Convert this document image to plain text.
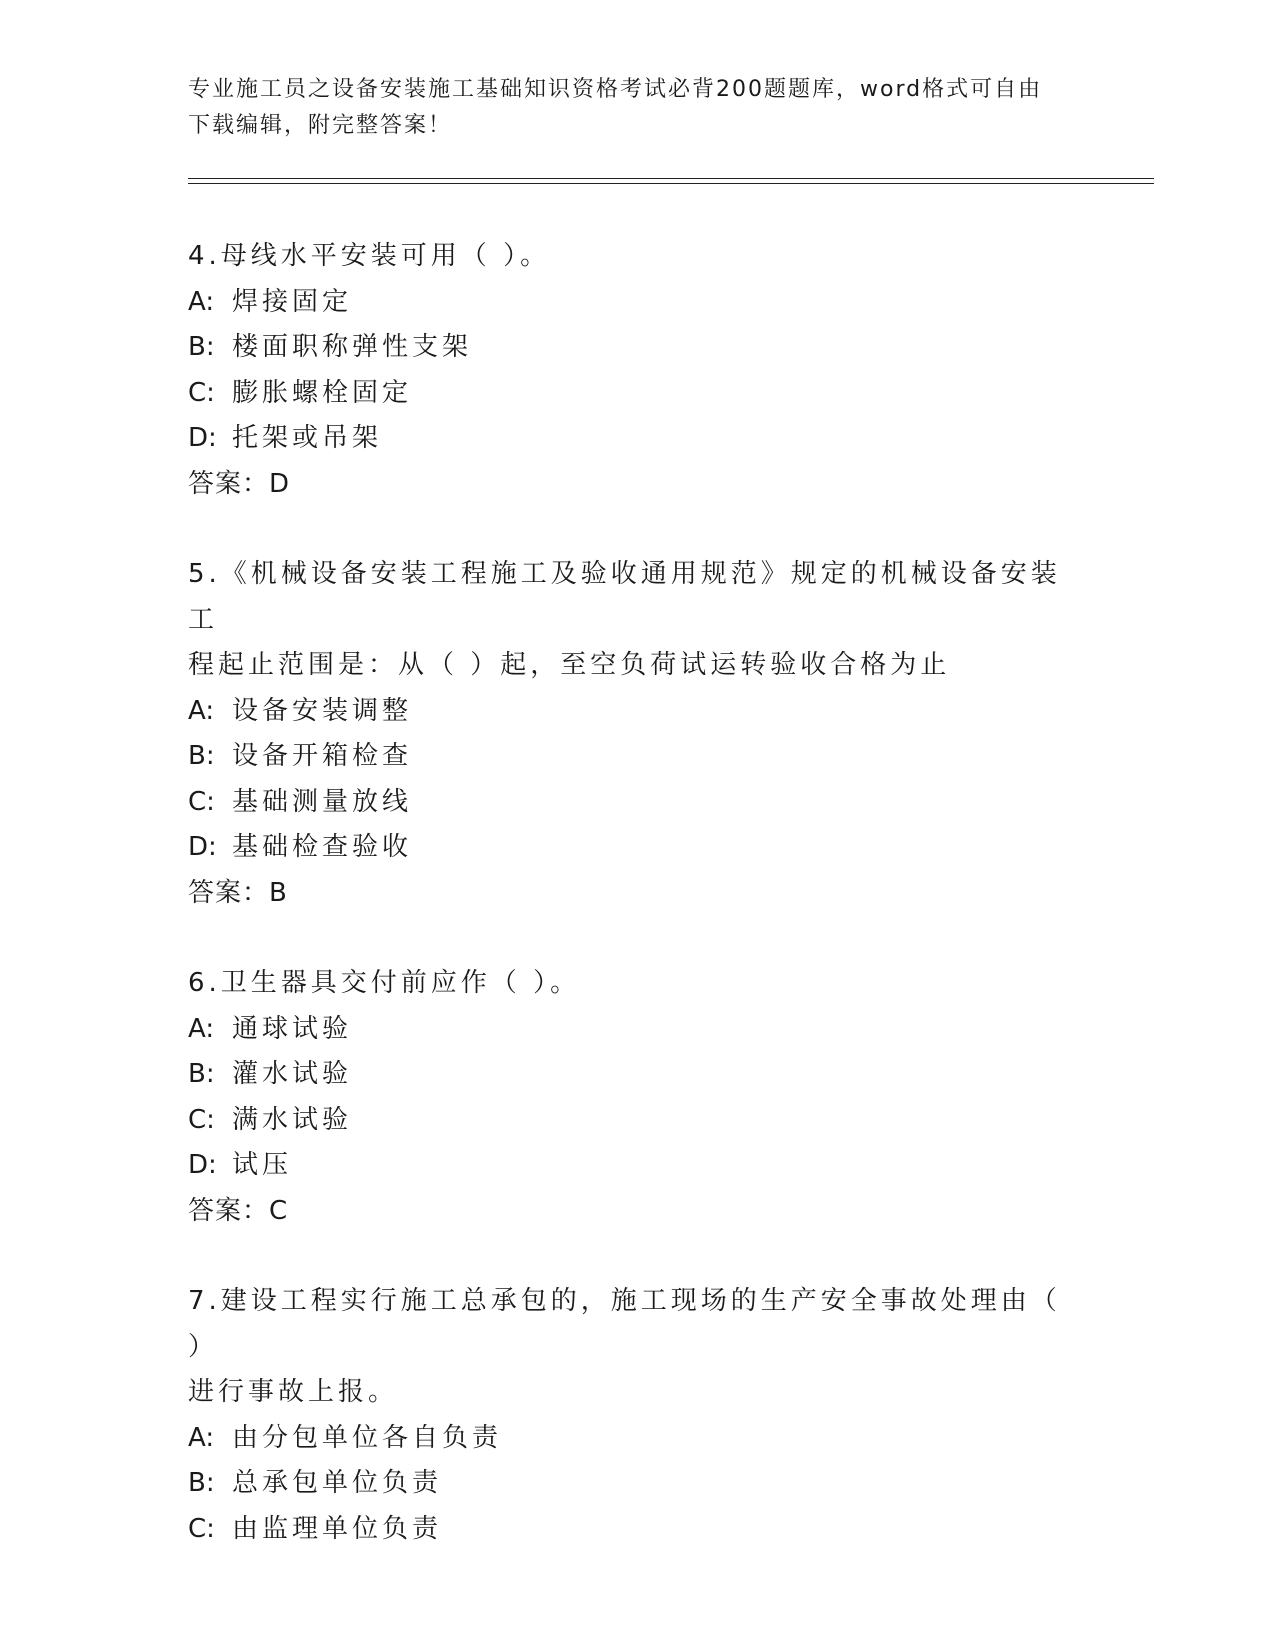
专业施工员之设备安装施工基础知识资格考试必背200题题库，word格式可自由
下载编辑，附完整答案！
4.母线水平安装可用（ ）。
A: 焊接固定
B: 楼面职称弹性支架
C: 膨胀螺栓固定
D: 托架或吊架
答案：D
5.《机械设备安装工程施工及验收通用规范》规定的机械设备安装工
程起止范围是：从（ ）起，至空负荷试运转验收合格为止
A: 设备安装调整
B: 设备开箱检查
C: 基础测量放线
D: 基础检查验收
答案：B
6.卫生器具交付前应作（ ）。
A: 通球试验
B: 灌水试验
C: 满水试验
D: 试压
答案：C
7.建设工程实行施工总承包的，施工现场的生产安全事故处理由（ ）
进行事故上报。
A: 由分包单位各自负责
B: 总承包单位负责
C: 由监理单位负责
